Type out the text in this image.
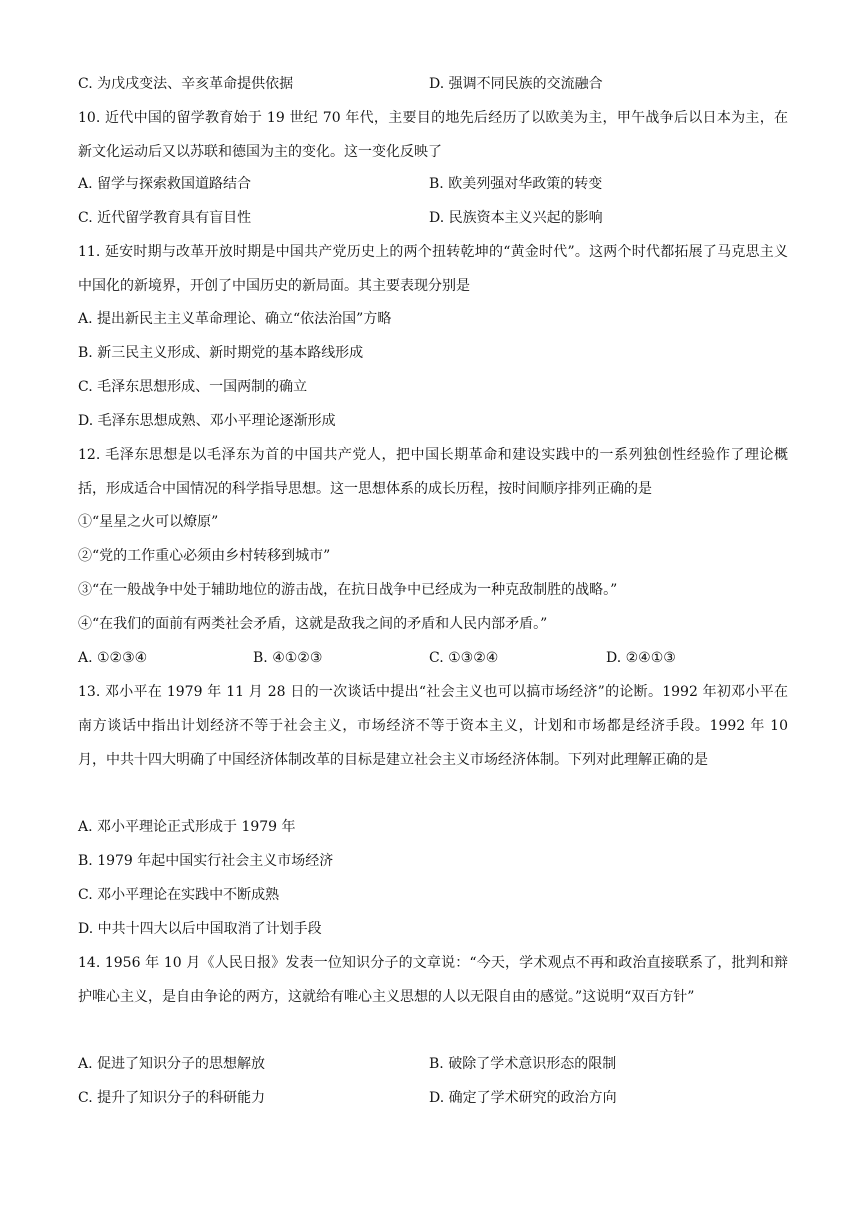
C. 为戊戌变法、辛亥革命提供依据	D. 强调不同民族的交流融合
10. 近代中国的留学教育始于 19 世纪 70 年代，主要目的地先后经历了以欧美为主，甲午战争后以日本为主，在新文化运动后又以苏联和德国为主的变化。这一变化反映了
A. 留学与探索救国道路结合	B. 欧美列强对华政策的转变
C. 近代留学教育具有盲目性	D. 民族资本主义兴起的影响
11. 延安时期与改革开放时期是中国共产党历史上的两个扭转乾坤的“黄金时代”。这两个时代都拓展了马克思主义中国化的新境界，开创了中国历史的新局面。其主要表现分别是
A. 提出新民主主义革命理论、确立“依法治国”方略
B. 新三民主义形成、新时期党的基本路线形成
C. 毛泽东思想形成、一国两制的确立
D. 毛泽东思想成熟、邓小平理论逐渐形成
12. 毛泽东思想是以毛泽东为首的中国共产党人，把中国长期革命和建设实践中的一系列独创性经验作了理论概括，形成适合中国情况的科学指导思想。这一思想体系的成长历程，按时间顺序排列正确的是
①“星星之火可以燎原”
②“党的工作重心必须由乡村转移到城市”
③“在一般战争中处于辅助地位的游击战，在抗日战争中已经成为一种克敌制胜的战略。”
④“在我们的面前有两类社会矛盾，这就是敌我之间的矛盾和人民内部矛盾。”
A. ①②③④	B. ④①②③	C. ①③②④	D. ②④①③
13. 邓小平在 1979 年 11 月 28 日的一次谈话中提出“社会主义也可以搞市场经济”的论断。1992 年初邓小平在南方谈话中指出计划经济不等于社会主义，市场经济不等于资本主义，计划和市场都是经济手段。1992 年 10 月，中共十四大明确了中国经济体制改革的目标是建立社会主义市场经济体制。下列对此理解正确的是
A. 邓小平理论正式形成于 1979 年
B. 1979 年起中国实行社会主义市场经济
C. 邓小平理论在实践中不断成熟
D. 中共十四大以后中国取消了计划手段
14. 1956 年 10 月《人民日报》发表一位知识分子的文章说：“今天，学术观点不再和政治直接联系了，批判和辩护唯心主义，是自由争论的两方，这就给有唯心主义思想的人以无限自由的感觉。”这说明“双百方针”
A. 促进了知识分子的思想解放	B. 破除了学术意识形态的限制
C. 提升了知识分子的科研能力	D. 确定了学术研究的政治方向
